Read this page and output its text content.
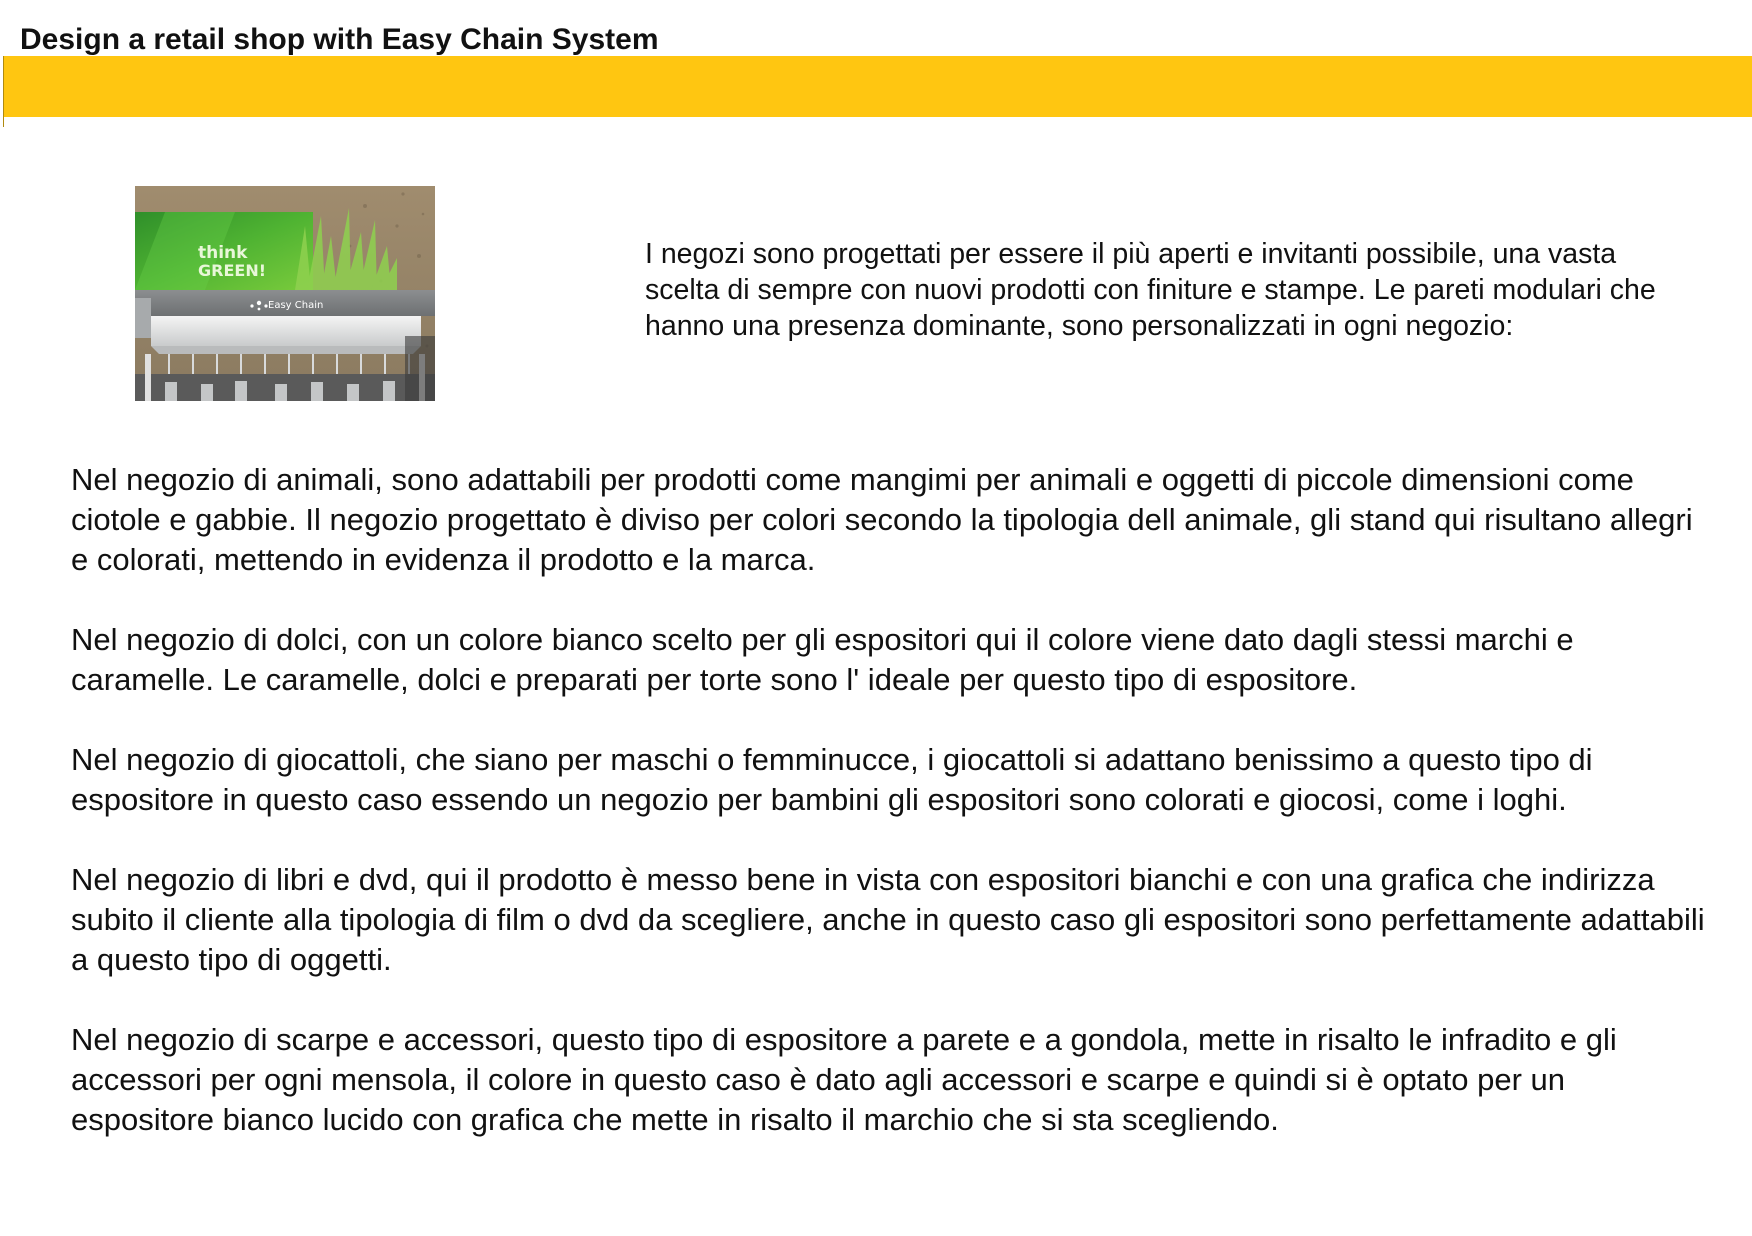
Design a retail shop with Easy Chain System
think
GREEN!
Easy Chain

I negozi sono progettati per essere il più aperti e invitanti possibile, una vasta scelta di sempre con nuovi prodotti con finiture e stampe. Le pareti modulari che hanno una presenza dominante, sono personalizzati in ogni negozio:

Nel negozio di animali, sono adattabili per prodotti come mangimi per animali e oggetti di piccole dimensioni come ciotole e gabbie. Il negozio progettato è diviso per colori secondo la tipologia dell animale, gli stand qui risultano allegri e colorati, mettendo in evidenza il prodotto e la marca.

Nel negozio di dolci, con un colore bianco scelto per gli espositori qui il colore viene dato dagli stessi marchi e caramelle. Le caramelle, dolci e preparati per torte sono l' ideale per questo tipo di espositore.

Nel negozio di giocattoli, che siano per maschi o femminucce, i giocattoli si adattano benissimo a questo tipo di espositore in questo caso essendo un negozio per bambini gli espositori sono colorati e giocosi, come i loghi.

Nel negozio di libri e dvd, qui il prodotto è messo bene in vista con espositori bianchi e con una grafica che indirizza subito il cliente alla tipologia di film o dvd da scegliere, anche in questo caso gli espositori sono perfettamente adattabili a questo tipo di oggetti.

Nel negozio di scarpe e accessori, questo tipo di espositore a parete e a gondola, mette in risalto le infradito e gli accessori per ogni mensola, il colore in questo caso è dato agli accessori e scarpe e quindi si è optato per un espositore bianco lucido con grafica che mette in risalto il marchio che si sta scegliendo.
